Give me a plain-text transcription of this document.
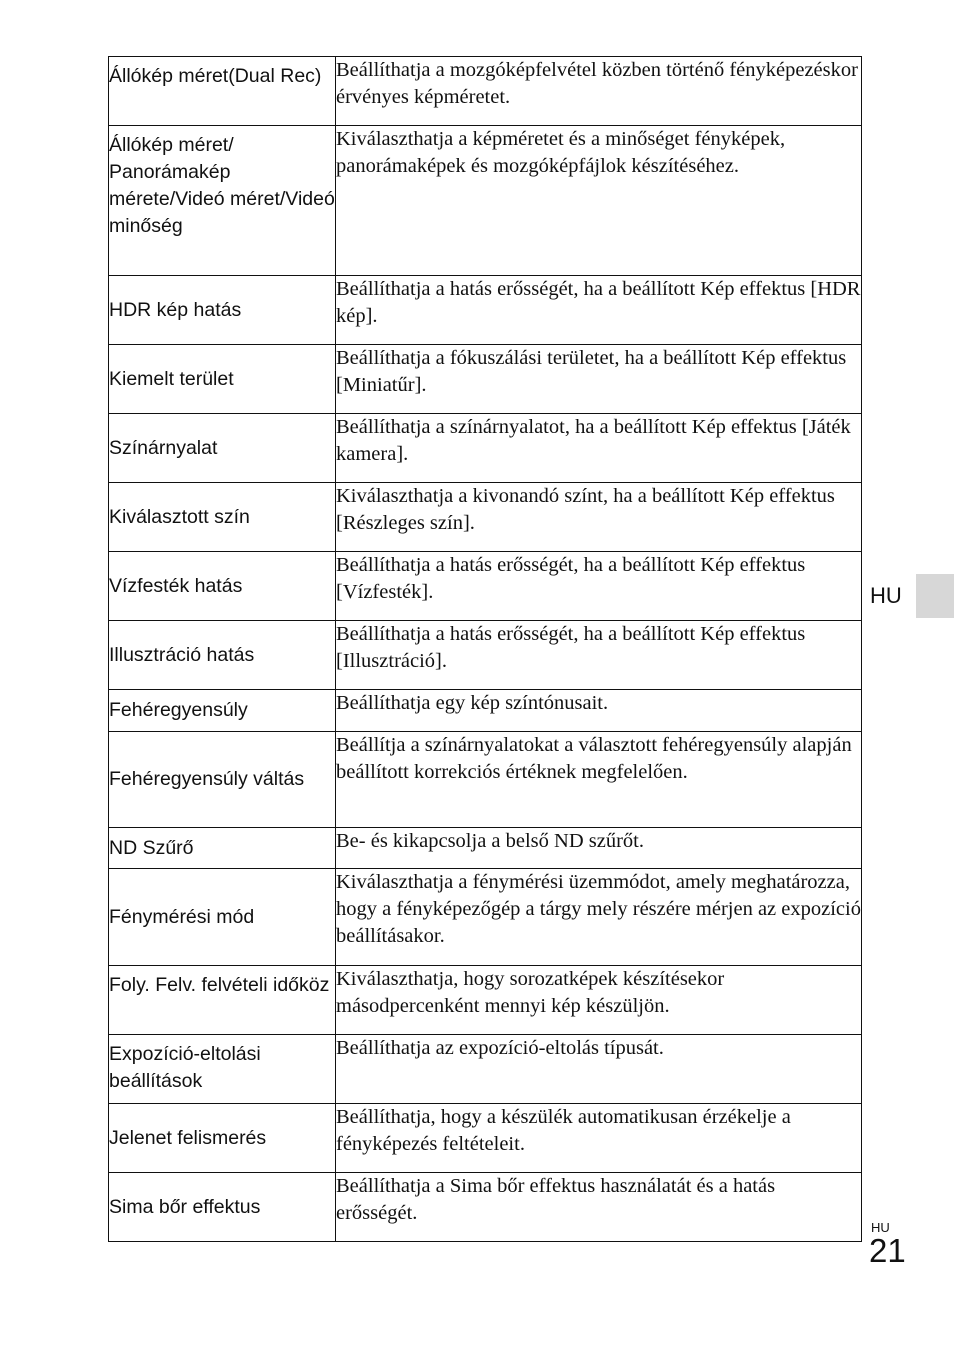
Állókép méret(Dual Rec)	Beállíthatja a mozgóképfelvétel közben történő fényképezéskor érvényes képméretet.
Állókép méret/ Panorámakép mérete/Videó méret/Videó minőség	Kiválaszthatja a képméretet és a minőséget fényképek, panorámaképek és mozgóképfájlok készítéséhez.
HDR kép hatás	Beállíthatja a hatás erősségét, ha a beállított Kép effektus [HDR kép].
Kiemelt terület	Beállíthatja a fókuszálási területet, ha a beállított Kép effektus [Miniatűr].
Színárnyalat	Beállíthatja a színárnyalatot, ha a beállított Kép effektus [Játék kamera].
Kiválasztott szín	Kiválaszthatja a kivonandó színt, ha a beállított Kép effektus [Részleges szín].
Vízfesték hatás	Beállíthatja a hatás erősségét, ha a beállított Kép effektus [Vízfesték].
Illusztráció hatás	Beállíthatja a hatás erősségét, ha a beállított Kép effektus [Illusztráció].
Fehéregyensúly	Beállíthatja egy kép színtónusait.
Fehéregyensúly váltás	Beállítja a színárnyalatokat a választott fehéregyensúly alapján beállított korrekciós értéknek megfelelően.
ND Szűrő	Be- és kikapcsolja a belső ND szűrőt.
Fénymérési mód	Kiválaszthatja a fénymérési üzemmódot, amely meghatározza, hogy a fényképezőgép a tárgy mely részére mérjen az expozíció beállításakor.
Foly. Felv. felvételi időköz	Kiválaszthatja, hogy sorozatképek készítésekor másodpercenként mennyi kép készüljön.
Expozíció-eltolási beállítások	Beállíthatja az expozíció-eltolás típusát.
Jelenet felismerés	Beállíthatja, hogy a készülék automatikusan érzékelje a fényképezés feltételeit.
Sima bőr effektus	Beállíthatja a Sima bőr effektus használatát és a hatás erősségét.
HU
HU
21
